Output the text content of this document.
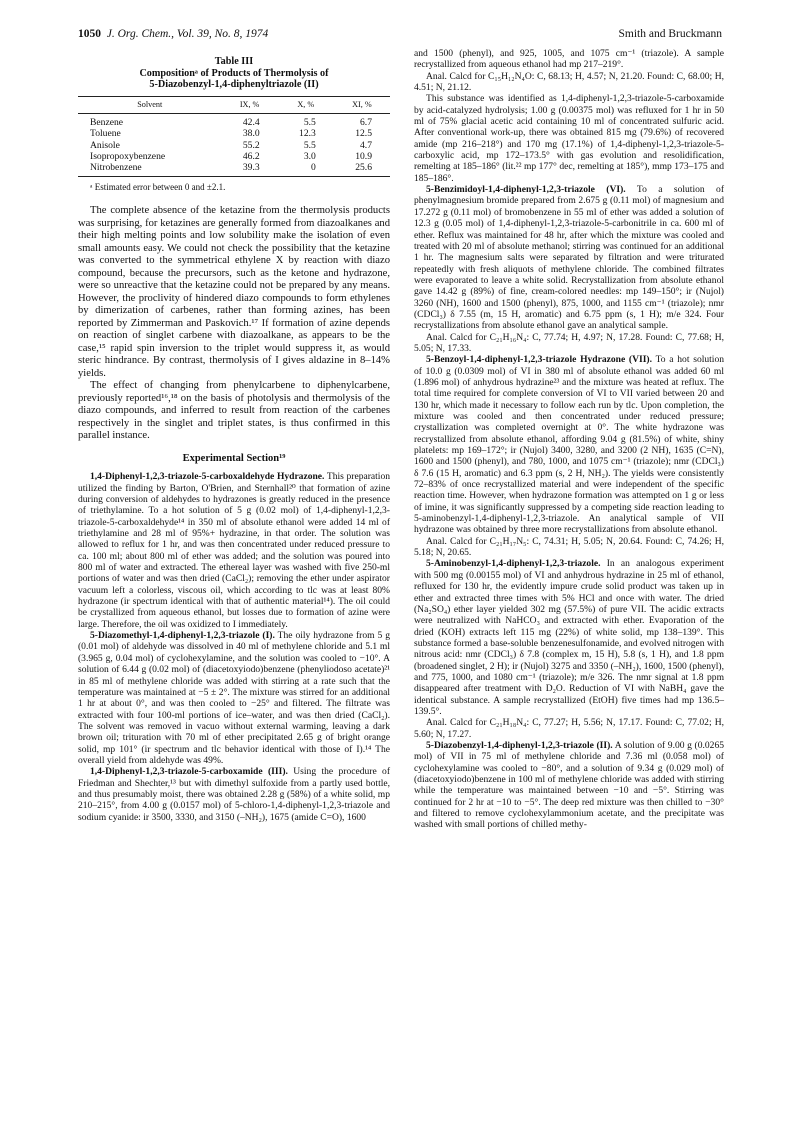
1050 J. Org. Chem., Vol. 39, No. 8, 1974	Smith and Bruckmann
Table III
Compositionᵃ of Products of Thermolysis of
5-Diazobenzyl-1,4-diphenyltriazole (II)
Solvent	IX, %	X, %	XI, %
Benzene	42.4	5.5	6.7
Toluene	38.0	12.3	12.5
Anisole	55.2	5.5	4.7
Isopropoxybenzene	46.2	3.0	10.9
Nitrobenzene	39.3	0	25.6
ᵃ Estimated error between 0 and ±2.1.

The complete absence of the ketazine from the thermolysis products was surprising, for ketazines are generally formed from diazoalkanes and their high melting points and low solubility make the isolation of even small amounts easy. We could not check the possibility that the ketazine was converted to the symmetrical ethylene X by reaction with diazo compound, because the precursors, such as the ketone and hydrazone, were so unreactive that the ketazine could not be prepared by any means. However, the proclivity of hindered diazo compounds to form ethylenes by dimerization of carbenes, rather than forming azines, has been reported by Zimmerman and Paskovich.¹⁷ If formation of azine depends on reaction of singlet carbene with diazoalkane, as appears to be the case,¹⁵ rapid spin inversion to the triplet would suppress it, as would steric hindrance. By contrast, thermolysis of I gives aldazine in 8–14% yields.

The effect of changing from phenylcarbene to diphenylcarbene, previously reported¹⁶,¹⁸ on the basis of photolysis and thermolysis of the diazo compounds, and inferred to result from reaction of the carbenes respectively in the singlet and triplet states, is thus confirmed in this parallel instance.

Experimental Section¹⁹

1,4-Diphenyl-1,2,3-triazole-5-carboxaldehyde Hydrazone. This preparation utilized the finding by Barton, O'Brien, and Sternhall²⁰ that formation of azine during conversion of aldehydes to hydrazones is greatly reduced in the presence of triethylamine. To a hot solution of 5 g (0.02 mol) of 1,4-diphenyl-1,2,3-triazole-5-carboxaldehyde¹⁴ in 350 ml of absolute ethanol were added 14 ml of triethylamine and 28 ml of 95%+ hydrazine, in that order. The solution was allowed to reflux for 1 hr, and was then concentrated under reduced pressure to ca. 100 ml; about 800 ml of ether was added; and the solution was poured into 800 ml of water and extracted. The ethereal layer was washed with five 250-ml portions of water and was then dried (CaCl₂); removing the ether under aspirator vacuum left a colorless, viscous oil, which according to tlc was at least 80% hydrazone (ir spectrum identical with that of authentic material¹⁴). The oil could be crystallized from aqueous ethanol, but losses due to formation of azine were large. Therefore, the oil was oxidized to I immediately.

5-Diazomethyl-1,4-diphenyl-1,2,3-triazole (I). The oily hydrazone from 5 g (0.01 mol) of aldehyde was dissolved in 40 ml of methylene chloride and 5.1 ml (3.965 g, 0.04 mol) of cyclohexylamine, and the solution was cooled to −10°. A solution of 6.44 g (0.02 mol) of (diacetoxyiodo)benzene (phenyliodoso acetate)²¹ in 85 ml of methylene chloride was added with stirring at a rate such that the temperature was maintained at −5 ± 2°. The mixture was stirred for an additional 1 hr at about 0°, and was then cooled to −25° and filtered. The filtrate was extracted with four 100-ml portions of ice–water, and was then dried (CaCl₂). The solvent was removed in vacuo without external warming, leaving a dark brown oil; trituration with 70 ml of ether precipitated 2.65 g of bright orange solid, mp 101° (ir spectrum and tlc behavior identical with those of I).¹⁴ The overall yield from aldehyde was 49%.

1,4-Diphenyl-1,2,3-triazole-5-carboxamide (III). Using the procedure of Friedman and Shechter,¹³ but with dimethyl sulfoxide from a partly used bottle, and thus presumably moist, there was obtained 2.28 g (58%) of a white solid, mp 210–215°, from 4.00 g (0.0157 mol) of 5-chloro-1,4-diphenyl-1,2,3-triazole and sodium cyanide: ir 3500, 3330, and 3150 (–NH₂), 1675 (amide C=O), 1600

and 1500 (phenyl), and 925, 1005, and 1075 cm⁻¹ (triazole). A sample recrystallized from aqueous ethanol had mp 217–219°.

Anal. Calcd for C₁₅H₁₂N₄O: C, 68.13; H, 4.57; N, 21.20. Found: C, 68.00; H, 4.51; N, 21.12.

This substance was identified as 1,4-diphenyl-1,2,3-triazole-5-carboxamide by acid-catalyzed hydrolysis; 1.00 g (0.00375 mol) was refluxed for 1 hr in 50 ml of 75% glacial acetic acid containing 10 ml of concentrated sulfuric acid. After conventional work-up, there was obtained 815 mg (79.6%) of recovered amide (mp 216–218°) and 170 mg (17.1%) of 1,4-diphenyl-1,2,3-triazole-5-carboxylic acid, mp 172–173.5° with gas evolution and resolidification, remelting at 185–186° (lit.²² mp 177° dec, remelting at 185°), mmp 173–175 and 185–186°.

5-Benzimidoyl-1,4-diphenyl-1,2,3-triazole (VI). To a solution of phenylmagnesium bromide prepared from 2.675 g (0.11 mol) of magnesium and 17.272 g (0.11 mol) of bromobenzene in 55 ml of ether was added a solution of 12.3 g (0.05 mol) of 1,4-diphenyl-1,2,3-triazole-5-carbonitrile in ca. 600 ml of ether. Reflux was maintained for 48 hr, after which the mixture was cooled and treated with 20 ml of absolute methanol; stirring was continued for an additional 1 hr. The magnesium salts were separated by filtration and were triturated repeatedly with fresh aliquots of methylene chloride. The combined filtrates were evaporated to leave a white solid. Recrystallization from absolute ethanol gave 14.42 g (89%) of fine, cream-colored needles: mp 149–150°; ir (Nujol) 3260 (NH), 1600 and 1500 (phenyl), 875, 1000, and 1155 cm⁻¹ (triazole); nmr (CDCl₃) δ 7.55 (m, 15 H, aromatic) and 6.75 ppm (s, 1 H); m/e 324. Four recrystallizations from absolute ethanol gave an analytical sample.

Anal. Calcd for C₂₁H₁₆N₄: C, 77.74; H, 4.97; N, 17.28. Found: C, 77.68; H, 5.05; N, 17.33.

5-Benzoyl-1,4-diphenyl-1,2,3-triazole Hydrazone (VII). To a hot solution of 10.0 g (0.0309 mol) of VI in 380 ml of absolute ethanol was added 60 ml (1.896 mol) of anhydrous hydrazine²³ and the mixture was heated at reflux. The total time required for complete conversion of VI to VII varied between 20 and 130 hr, which made it necessary to follow each run by tlc. Upon completion, the mixture was cooled and then concentrated under reduced pressure; crystallization was completed overnight at 0°. The white hydrazone was recrystallized from absolute ethanol, affording 9.04 g (81.5%) of white, shiny platelets: mp 169–172°; ir (Nujol) 3400, 3280, and 3200 (2 NH), 1635 (C=N), 1600 and 1500 (phenyl), and 780, 1000, and 1075 cm⁻¹ (triazole); nmr (CDCl₃) δ 7.6 (15 H, aromatic) and 6.3 ppm (s, 2 H, NH₂). The yields were consistently 72–83% of once recrystallized material and were independent of the specific reaction time. However, when hydrazone formation was attempted on 1 g or less of imine, it was significantly suppressed by a competing side reaction leading to 5-aminobenzyl-1,4-diphenyl-1,2,3-triazole. An analytical sample of VII hydrazone was obtained by three more recrystallizations from absolute ethanol.

Anal. Calcd for C₂₁H₁₇N₅: C, 74.31; H, 5.05; N, 20.64. Found: C, 74.26; H, 5.18; N, 20.65.

5-Aminobenzyl-1,4-diphenyl-1,2,3-triazole. In an analogous experiment with 500 mg (0.00155 mol) of VI and anhydrous hydrazine in 25 ml of ethanol, refluxed for 130 hr, the evidently impure crude solid product was taken up in ether and extracted three times with 5% HCl and once with water. The dried (Na₂SO₄) ether layer yielded 302 mg (57.5%) of pure VII. The acidic extracts were neutralized with NaHCO₃ and extracted with ether. Evaporation of the dried (KOH) extracts left 115 mg (22%) of white solid, mp 138–139°. This substance formed a base-soluble benzenesulfonamide, and evolved nitrogen with nitrous acid: nmr (CDCl₃) δ 7.8 (complex m, 15 H), 5.8 (s, 1 H), and 1.8 ppm (broadened singlet, 2 H); ir (Nujol) 3275 and 3350 (–NH₂), 1600, 1500 (phenyl), and 775, 1000, and 1080 cm⁻¹ (triazole); m/e 326. The nmr signal at 1.8 ppm disappeared after treatment with D₂O. Reduction of VI with NaBH₄ gave the identical substance. A sample recrystallized (EtOH) five times had mp 136.5–139.5°.

Anal. Calcd for C₂₁H₁₈N₄: C, 77.27; H, 5.56; N, 17.17. Found: C, 77.02; H, 5.60; N, 17.27.

5-Diazobenzyl-1,4-diphenyl-1,2,3-triazole (II). A solution of 9.00 g (0.0265 mol) of VII in 75 ml of methylene chloride and 7.36 ml (0.058 mol) of cyclohexylamine was cooled to −80°, and a solution of 9.34 g (0.029 mol) of (diacetoxyiodo)benzene in 100 ml of methylene chloride was added with stirring while the temperature was maintained between −10 and −5°. Stirring was continued for 2 hr at −10 to −5°. The deep red mixture was then chilled to −30° and filtered to remove cyclohexylammonium acetate, and the precipitate was washed with small portions of chilled methy-
